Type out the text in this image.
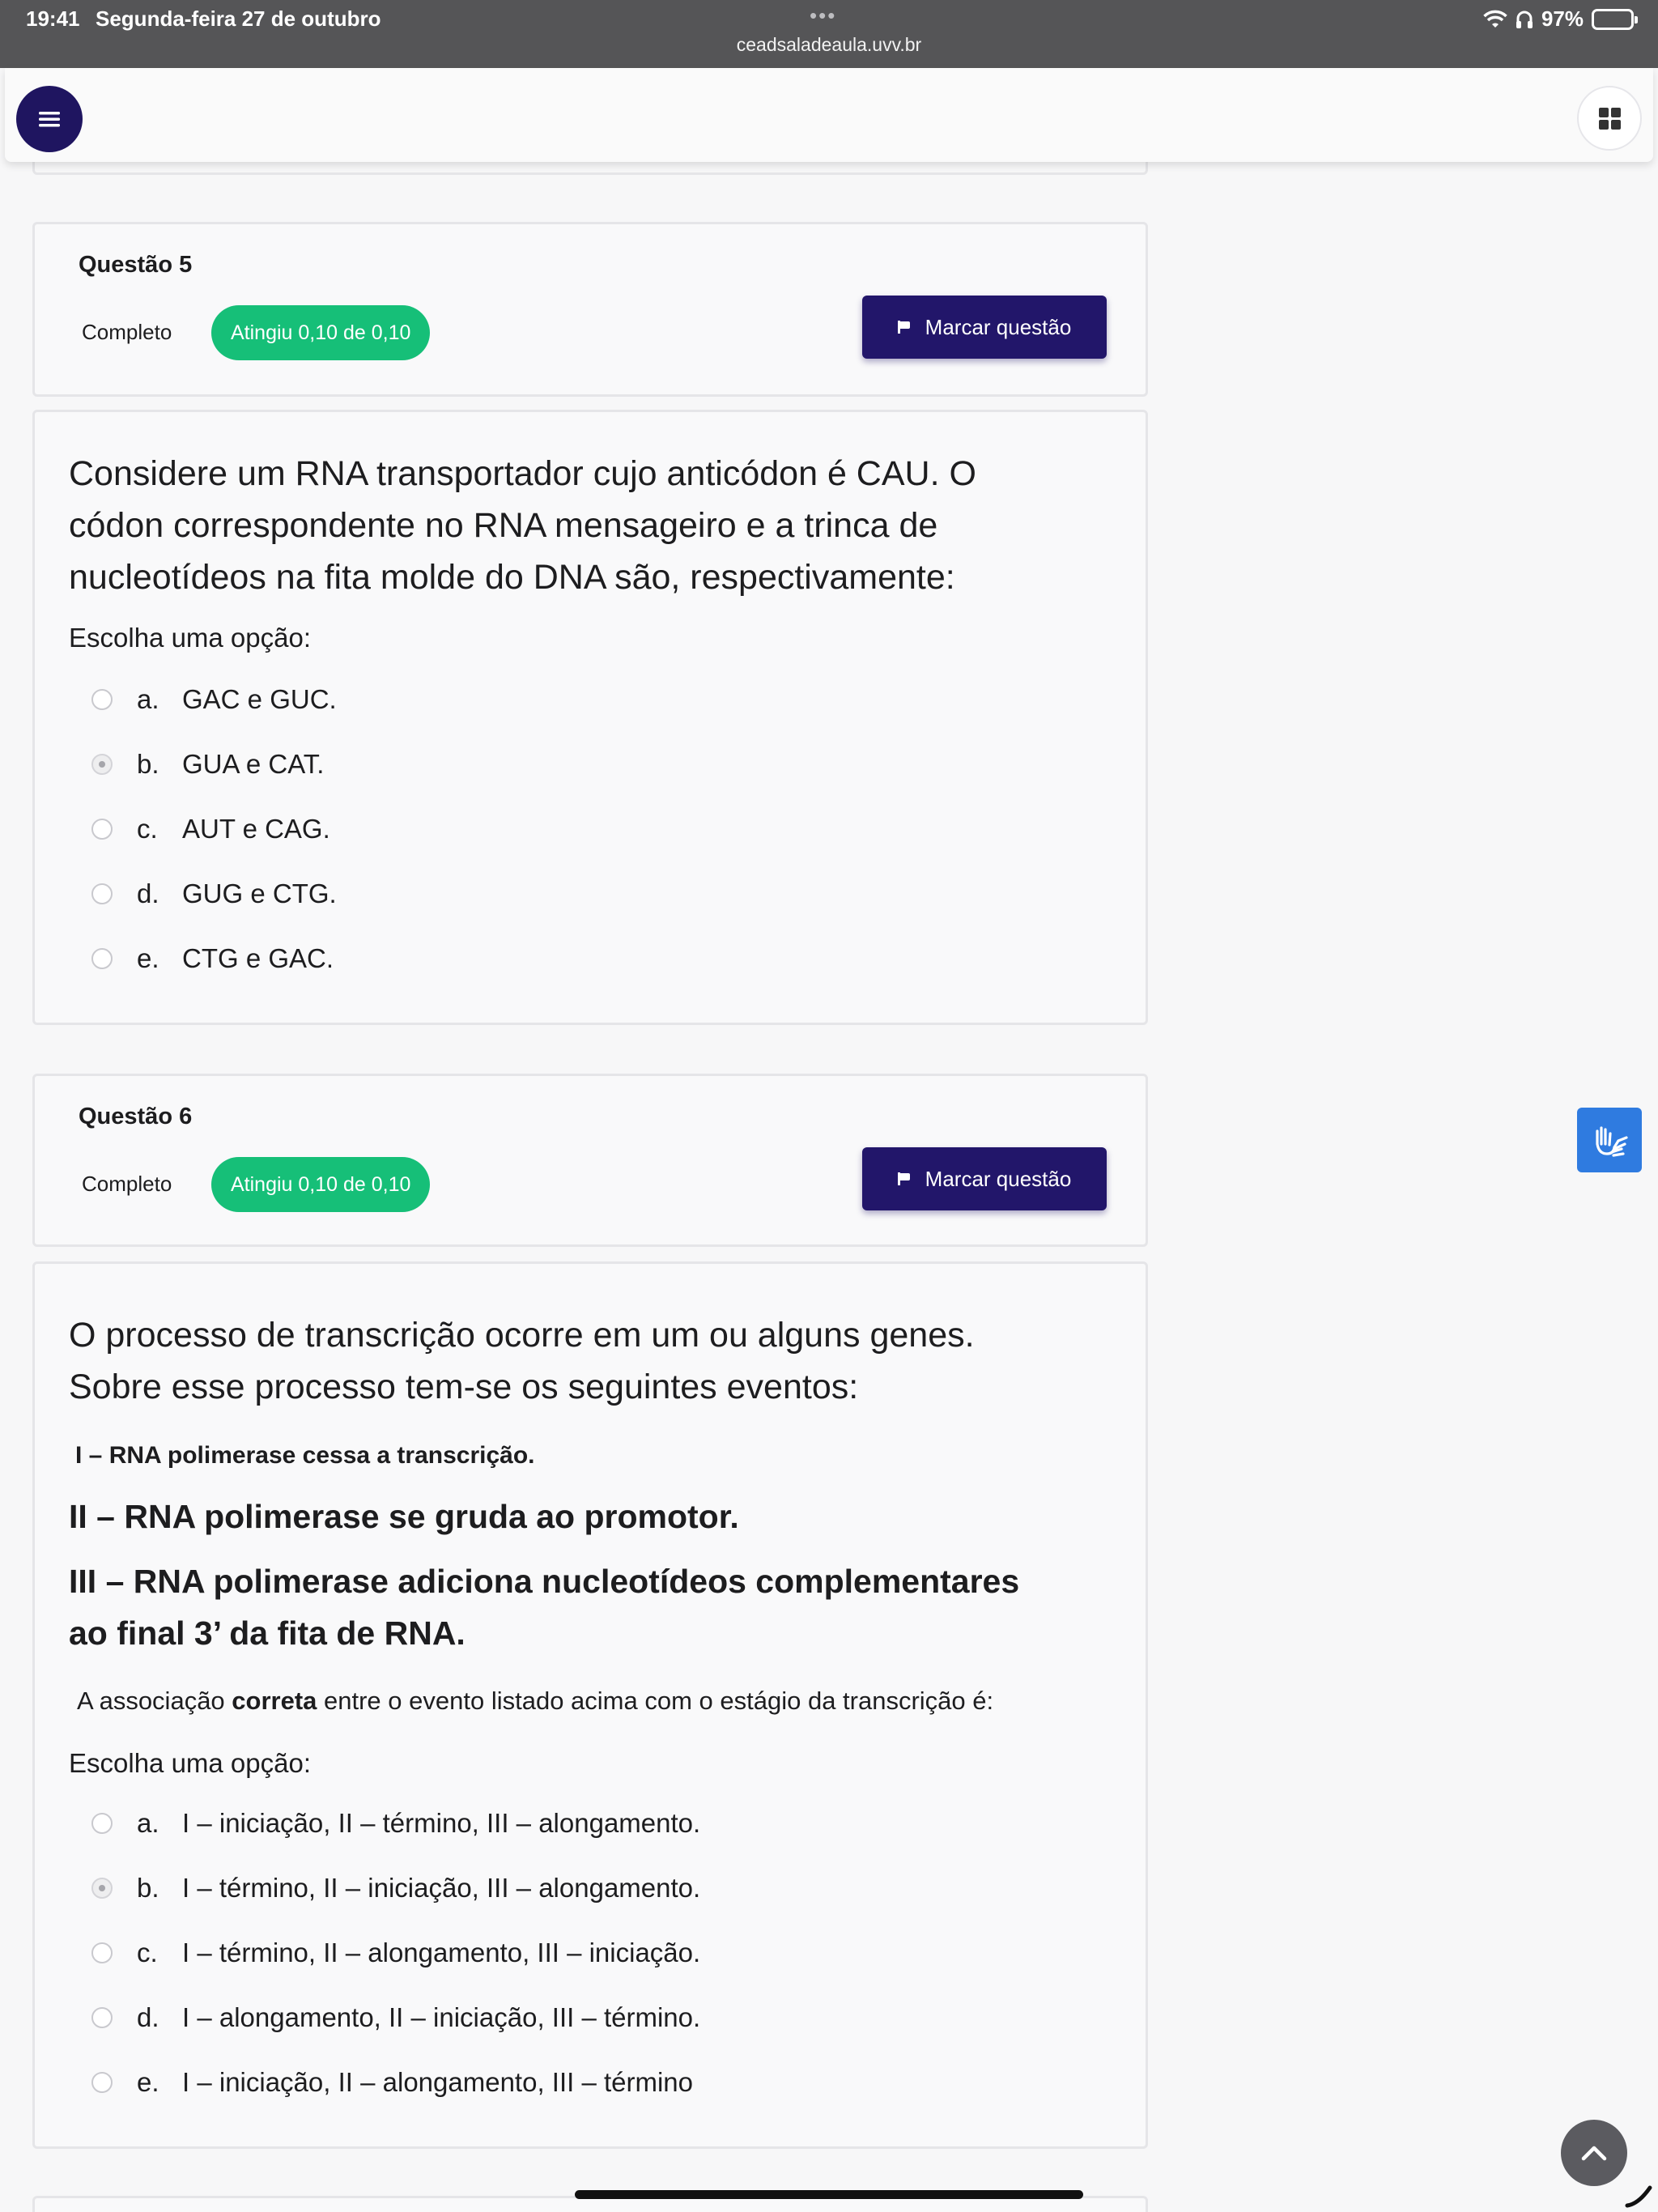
19:41 Segunda-feira 27 de outubro	•••
ceadsaladeaula.uvv.br
97%
Questão 5
Completo	Atingiu 0,10 de 0,10	Marcar questão
Considere um RNA transportador cujo anticódon é CAU. O
códon correspondente no RNA mensageiro e a trinca de
nucleotídeos na fita molde do DNA são, respectivamente:
Escolha uma opção:
a. GAC e GUC.
b. GUA e CAT.
c. AUT e CAG.
d. GUG e CTG.
e. CTG e GAC.
Questão 6
Completo	Atingiu 0,10 de 0,10	Marcar questão
O processo de transcrição ocorre em um ou alguns genes.
Sobre esse processo tem-se os seguintes eventos:
I – RNA polimerase cessa a transcrição.
II – RNA polimerase se gruda ao promotor.
III – RNA polimerase adiciona nucleotídeos complementares
ao final 3’ da fita de RNA.
A associação correta entre o evento listado acima com o estágio da transcrição é:
Escolha uma opção:
a. I – iniciação, II – término, III – alongamento.
b. I – término, II – iniciação, III – alongamento.
c. I – término, II – alongamento, III – iniciação.
d. I – alongamento, II – iniciação, III – término.
e. I – iniciação, II – alongamento, III – término
